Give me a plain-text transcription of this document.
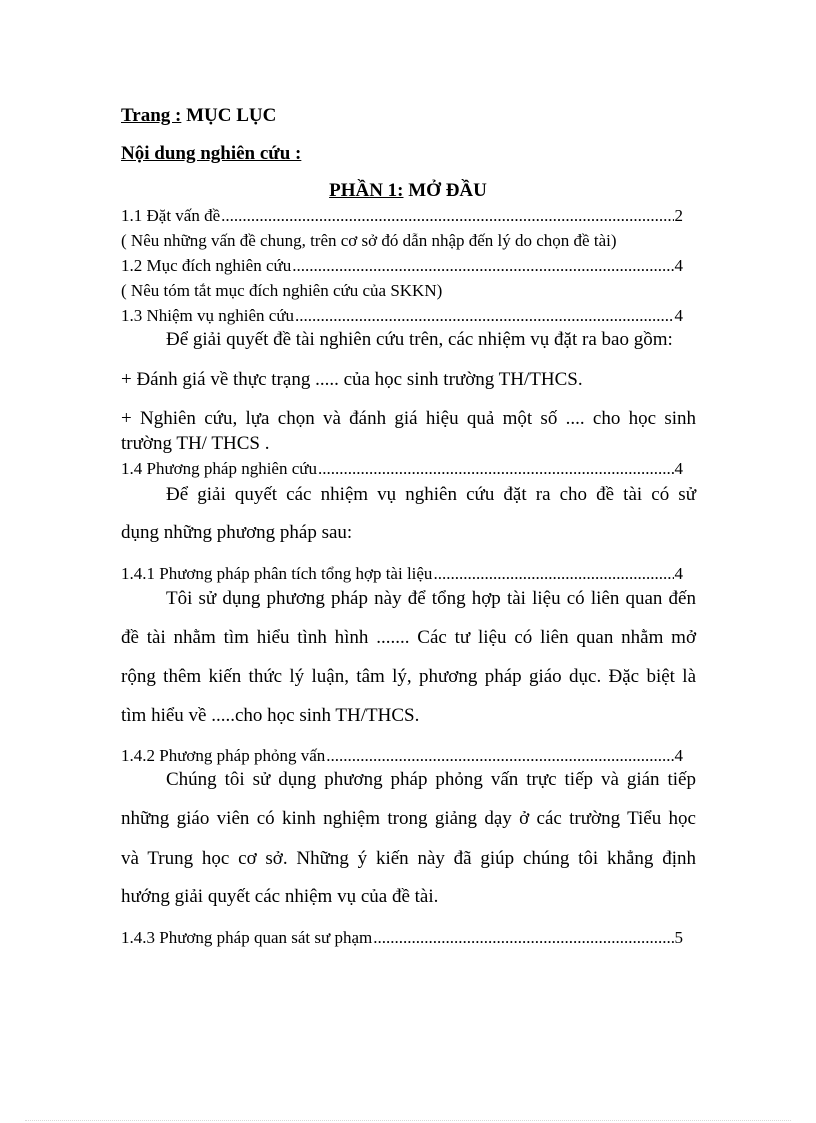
Trang : MỤC LỤC
Nội dung nghiên cứu :
PHẦN 1: MỞ ĐẦU
1.1 Đặt vấn đề .....	2
( Nêu những vấn đề chung, trên cơ sở đó dẫn nhập đến lý do chọn đề tài)
1.2 Mục đích nghiên cứu .....	4
( Nêu tóm tắt mục đích nghiên cứu của SKKN)
1.3 Nhiệm vụ nghiên cứu .....	4
Để giải quyết đề tài nghiên cứu trên, các nhiệm vụ đặt ra bao gồm:
+ Đánh giá về thực trạng ..... của học sinh trường TH/THCS.
+ Nghiên cứu, lựa chọn và đánh giá hiệu quả một số .... cho học sinh
trường TH/ THCS .
1.4 Phương pháp nghiên cứu .....	4
Để giải quyết các nhiệm vụ nghiên cứu đặt ra cho đề tài có sử
dụng những phương pháp sau:
1.4.1 Phương pháp phân tích tổng hợp tài liệu .....	4
Tôi sử dụng phương pháp này để tổng hợp tài liệu có liên quan đến
đề tài nhằm tìm hiểu tình hình ....... Các tư liệu có liên quan nhằm mở
rộng thêm kiến thức lý luận, tâm lý, phương pháp giáo dục. Đặc biệt là
tìm hiểu về .....cho học sinh TH/THCS.
1.4.2 Phương pháp phỏng vấn .....	4
Chúng tôi sử dụng phương pháp phỏng vấn trực tiếp và gián tiếp
những giáo viên có kinh nghiệm trong giảng dạy ở các trường Tiểu học
và Trung học cơ sở. Những ý kiến này đã giúp chúng tôi khẳng định
hướng giải quyết các nhiệm vụ của đề tài.
1.4.3 Phương pháp quan sát sư phạm .....	5
